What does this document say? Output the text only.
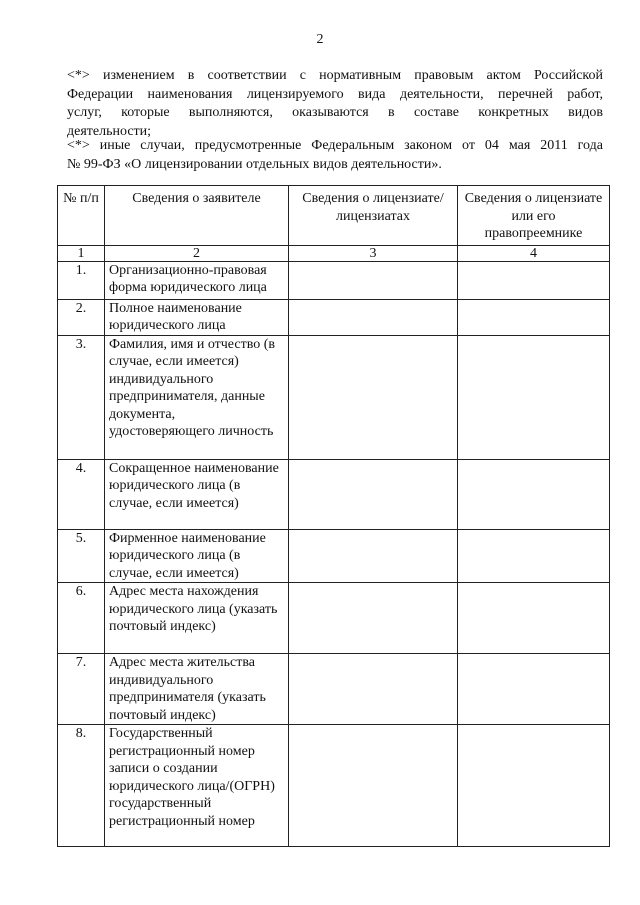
2
<*> изменением в соответствии с нормативным правовым актом Российской
Федерации наименования лицензируемого вида деятельности, перечней работ,
услуг, которые выполняются, оказываются в составе конкретных видов
деятельности;
<*> иные случаи, предусмотренные Федеральным законом от 04 мая 2011 года
№ 99-ФЗ «О лицензировании отдельных видов деятельности».
№ п/п	Сведения о заявителе	Сведения о лицензиате/лицензиатах	Сведения о лицензиате или его правопреемнике
1	2	3	4
1.	Организационно-правовая форма юридического лица		
2.	Полное наименование юридического лица		
3.	Фамилия, имя и отчество (в случае, если имеется) индивидуального предпринимателя, данные документа, удостоверяющего личность		
4.	Сокращенное наименование юридического лица (в случае, если имеется)		
5.	Фирменное наименование юридического лица (в случае, если имеется)		
6.	Адрес места нахождения юридического лица (указать почтовый индекс)		
7.	Адрес места жительства индивидуального предпринимателя (указать почтовый индекс)		
8.	Государственный регистрационный номер записи о создании юридического лица/(ОГРН) государственный регистрационный номер		
